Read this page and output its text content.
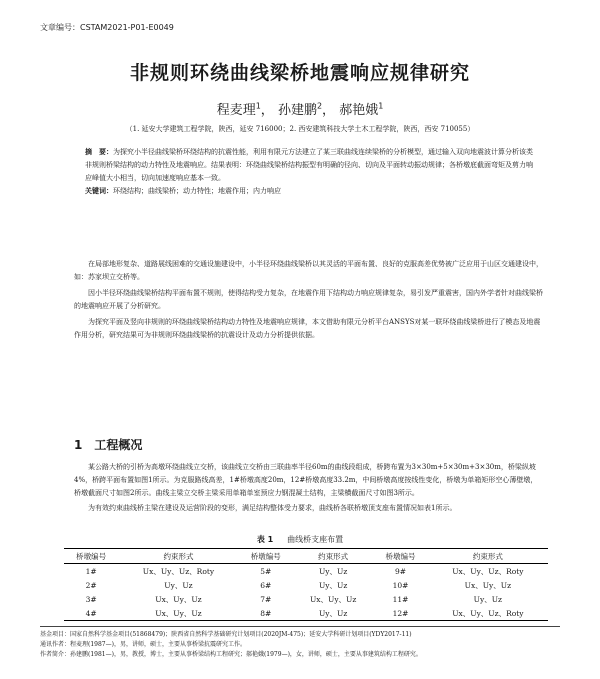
文章编号：CSTAM2021-P01-E0049
非规则环绕曲线梁桥地震响应规律研究
程麦理$^1$， 孙建鹏$^2$， 郝艳娥$^1$
（1. 延安大学建筑工程学院，陕西，延安 716000；2. 西安建筑科技大学土木工程学院，陕西，西安 710055）
摘　要：为探究小半径曲线梁桥环绕结构的抗震性能，利用有限元方法建立了某三联曲线连续梁桥的分析模型，通过输入双向地震波计算分析该类非规则桥梁结构的动力特性及地震响应。结果表明：环绕曲线梁桥结构振型有明确的径向、切向及平面转动振动规律；各桥墩底截面弯矩及剪力响应峰值大小相当，切向加速度响应基本一致。
关键词：环绕结构；曲线梁桥；动力特性；地震作用；内力响应

在局部地形复杂、道路展线困难的交通设施建设中，小半径环绕曲线梁桥以其灵活的平面布置、良好的克服高差优势被广泛应用于山区交通建设中，如：苏家坝立交桥等。

因小半径环绕曲线梁桥结构平面布置不规则，使得结构受力复杂，在地震作用下结构动力响应规律复杂，易引发严重震害，国内外学者针对曲线梁桥的地震响应开展了分析研究。

为探究平面及竖向非规则的环绕曲线梁桥结构动力特性及地震响应规律，本文借助有限元分析平台ANSYS对某一联环绕曲线梁桥进行了模态及地震作用分析，研究结果可为非规则环绕曲线梁桥的抗震设计及动力分析提供依据。

1 工程概况

某公路大桥的引桥为高墩环绕曲线立交桥，该曲线立交桥由三联曲率半径60m的曲线段组成，桥跨布置为3×30m+5×30m+3×30m，桥梁纵坡4%，桥跨平面布置如图1所示。为克服路线高差，1#桥墩高度20m，12#桥墩高度33.2m，中间桥墩高度按线性变化，桥墩为单箱矩形空心薄壁墩，桥墩截面尺寸如图2所示。曲线主梁立交桥主梁采用单箱单室预应力钢混凝土结构，主梁横截面尺寸如图3所示。

为有效约束曲线桥主梁在建设及运营阶段的变形，满足结构整体受力要求，曲线桥各联桥墩顶支座布置情况如表1所示。

表 1 曲线桥支座布置
桥墩编号	约束形式	桥墩编号	约束形式	桥墩编号	约束形式
1#	Ux、Uy、Uz、Roty	5#	Uy、Uz	9#	Ux、Uy、Uz、Roty
2#	Uy、Uz	6#	Uy、Uz	10#	Ux、Uy、Uz
3#	Ux、Uy、Uz	7#	Ux、Uy、Uz	11#	Uy、Uz
4#	Ux、Uy、Uz	8#	Uy、Uz	12#	Ux、Uy、Uz、Roty
基金项目：国家自然科学基金项目(51868479)；陕西省自然科学基础研究计划项目(2020JM-475)；延安大学科研计划项目(YDY2017-11)
通讯作者：程麦理(1987—)，男，讲师，硕士，主要从事桥梁抗震研究工作。
作者简介：孙建鹏(1981—)，男，教授，博士，主要从事桥梁结构工程研究；郝艳娥(1979—)，女，讲师，硕士，主要从事建筑结构工程研究。
